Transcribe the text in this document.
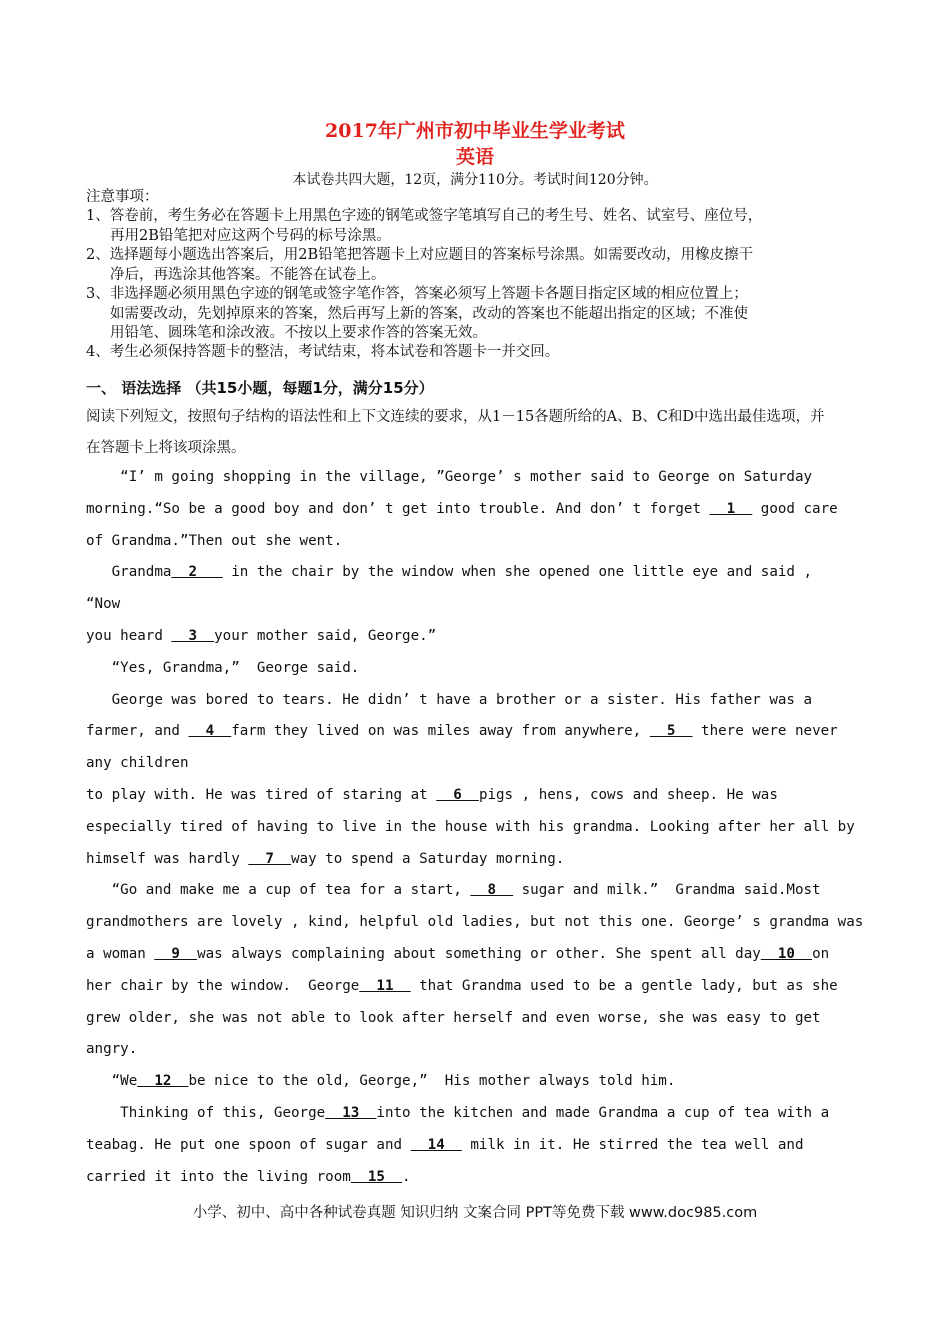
2017年广州市初中毕业生学业考试
英语
本试卷共四大题，12页，满分110分。考试时间120分钟。
注意事项：
1、答卷前，考生务必在答题卡上用黑色字迹的钢笔或签字笔填写自己的考生号、姓名、试室号、座位号，
再用2B铅笔把对应这两个号码的标号涂黑。
2、选择题每小题选出答案后，用2B铅笔把答题卡上对应题目的答案标号涂黑。如需要改动，用橡皮擦干
净后，再选涂其他答案。不能答在试卷上。
3、非选择题必须用黑色字迹的钢笔或签字笔作答，答案必须写上答题卡各题目指定区域的相应位置上；
如需要改动，先划掉原来的答案，然后再写上新的答案，改动的答案也不能超出指定的区域；不准使
用铅笔、圆珠笔和涂改液。不按以上要求作答的答案无效。
4、考生必须保持答题卡的整洁，考试结束，将本试卷和答题卡一并交回。
一、 语法选择 （共15小题，每题1分，满分15分）
阅读下列短文，按照句子结构的语法性和上下文连续的要求，从1－15各题所给的A、B、C和D中选出最佳选项，并
在答题卡上将该项涂黑。
“I’ m going shopping in the village, ”George’ s mother said to George on Saturday
morning.“So be a good boy and don’ t get into trouble. And don’ t forget   1   good care
of Grandma.”Then out she went.
Grandma  2    in the chair by the window when she opened one little eye and said ,
“Now
you heard   3  your mother said, George.”
“Yes, Grandma,”  George said.
George was bored to tears. He didn’ t have a brother or a sister. His father was a
farmer, and   4  farm they lived on was miles away from anywhere,   5   there were never
any children
to play with. He was tired of staring at   6  pigs , hens, cows and sheep. He was
especially tired of having to live in the house with his grandma. Looking after her all by
himself was hardly   7  way to spend a Saturday morning.
“Go and make me a cup of tea for a start,   8   sugar and milk.”  Grandma said.Most
grandmothers are lovely , kind, helpful old ladies, but not this one. George’ s grandma was
a woman   9  was always complaining about something or other. She spent all day  10  on
her chair by the window.  George  11   that Grandma used to be a gentle lady, but as she
grew older, she was not able to look after herself and even worse, she was easy to get
angry.
“We  12  be nice to the old, George,”  His mother always told him.
Thinking of this, George  13  into the kitchen and made Grandma a cup of tea with a
teabag. He put one spoon of sugar and   14   milk in it. He stirred the tea well and
carried it into the living room  15  .
小学、初中、高中各种试卷真题 知识归纳 文案合同 PPT等免费下载 www.doc985.com
